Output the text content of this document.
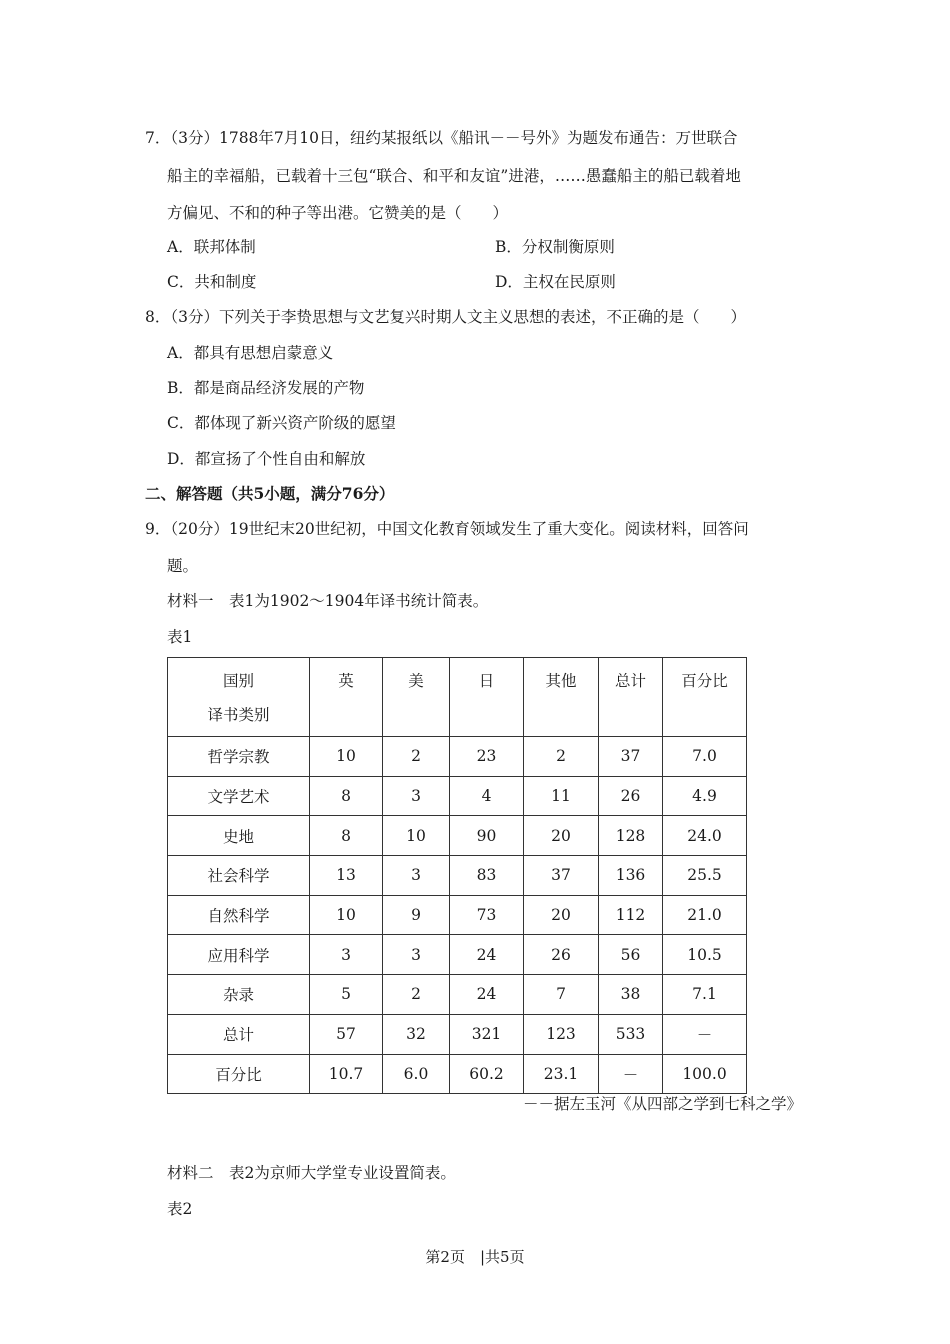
7．（3分）1788年7月10日，纽约某报纸以《船讯－－号外》为题发布通告：万世联合
船主的幸福船，已载着十三包“联合、和平和友谊”进港，……愚蠢船主的船已载着地
方偏见、不和的种子等出港。它赞美的是（　　）
A．联邦体制	B．分权制衡原则
C．共和制度	D．主权在民原则
8．（3分）下列关于李贽思想与文艺复兴时期人文主义思想的表述，不正确的是（　　）
A．都具有思想启蒙意义
B．都是商品经济发展的产物
C．都体现了新兴资产阶级的愿望
D．都宣扬了个性自由和解放
二、解答题（共5小题，满分76分）
9．（20分）19世纪末20世纪初，中国文化教育领域发生了重大变化。阅读材料，回答问
题。
材料一　表1为1902～1904年译书统计简表。
表1
国别
译书类别	英	美	日	其他	总计	百分比

哲学宗教	10	2	23	2	37	7.0
文学艺术	8	3	4	11	26	4.9
史地	8	10	90	20	128	24.0
社会科学	13	3	83	37	136	25.5
自然科学	10	9	73	20	112	21.0
应用科学	3	3	24	26	56	10.5
杂录	5	2	24	7	38	7.1
总计	57	32	321	123	533	－
百分比	10.7	6.0	60.2	23.1	－	100.0
－－据左玉河《从四部之学到七科之学》
材料二　表2为京师大学堂专业设置简表。
表2
第2页　|共5页
